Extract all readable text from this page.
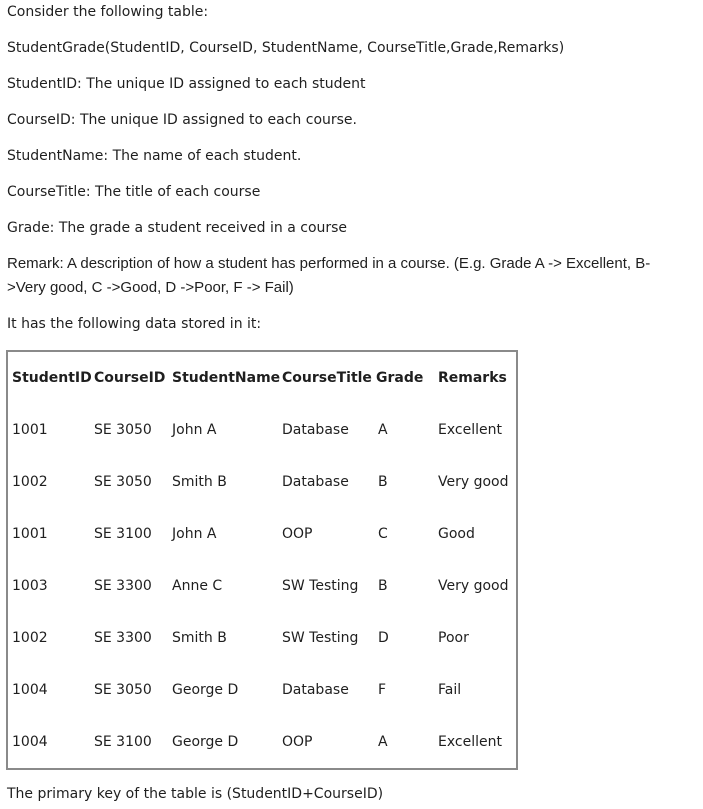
Consider the following table:

StudentGrade(StudentID, CourseID, StudentName, CourseTitle,Grade,Remarks)

StudentID: The unique ID assigned to each student

CourseID: The unique ID assigned to each course.

StudentName: The name of each student.

CourseTitle: The title of each course

Grade: The grade a student received in a course

Remark: A description of how a student has performed in a course. (E.g. Grade A -> Excellent, B-

>Very good, C ->Good, D ->Poor, F -> Fail)

It has the following data stored in it:

StudentID	CourseID	StudentName	CourseTitle	Grade	Remarks
1001	SE 3050	John A	Database	A	Excellent
1002	SE 3050	Smith B	Database	B	Very good
1001	SE 3100	John A	OOP	C	Good
1003	SE 3300	Anne C	SW Testing	B	Very good
1002	SE 3300	Smith B	SW Testing	D	Poor
1004	SE 3050	George D	Database	F	Fail
1004	SE 3100	George D	OOP	A	Excellent

The primary key of the table is (StudentID+CourseID)
